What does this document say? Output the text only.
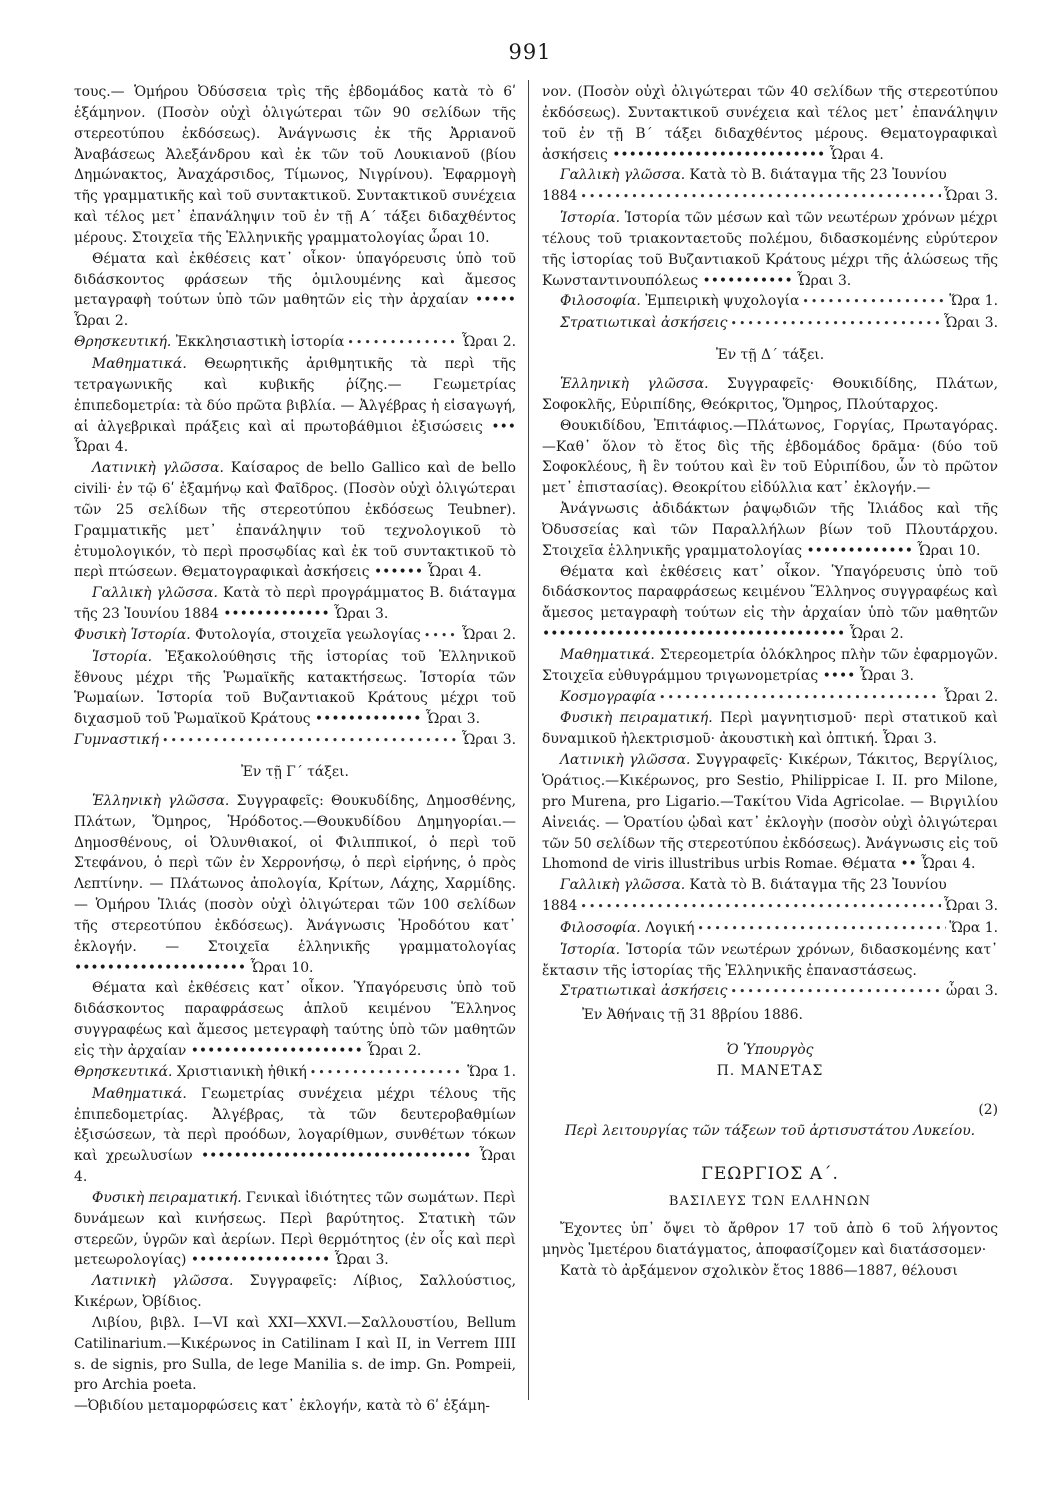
991

τους.— Ὁμήρου Ὀδύσσεια τρὶς τῆς ἑβδομάδος κατὰ τὸ 6ʹ ἑξάμηνον. (Ποσὸν οὐχὶ ὀλιγώτεραι τῶν 90 σελίδων τῆς στερεοτύπου ἐκδόσεως). Ἀνάγνωσις ἐκ τῆς Ἀρριανοῦ Ἀναβάσεως Ἀλεξάνδρου καὶ ἐκ τῶν τοῦ Λουκιανοῦ (βίου Δημώνακτος, Ἀναχάρσιδος, Τίμωνος, Νιγρίνου). Ἐφαρμογὴ τῆς γραμματικῆς καὶ τοῦ συντακτικοῦ. Συντακτικοῦ συνέχεια καὶ τέλος μετ᾽ ἐπανάληψιν τοῦ ἐν τῇ Α΄ τάξει διδαχθέντος μέρους. Στοιχεῖα τῆς Ἑλληνικῆς γραμματολογίας ὧραι 10.

Θέματα καὶ ἐκθέσεις κατ᾽ οἶκον· ὑπαγόρευσις ὑπὸ τοῦ διδάσκοντος φράσεων τῆς ὁμιλουμένης καὶ ἄμεσος μεταγραφὴ τούτων ὑπὸ τῶν μαθητῶν εἰς τὴν ἀρχαίαν ••••• Ὧραι 2.

Θρησκευτική. Ἐκκλησιαστικὴ ἱστορία •••••	Ὧραι 2.

Μαθηματικά. Θεωρητικῆς ἀριθμητικῆς τὰ περὶ τῆς τετραγωνικῆς καὶ κυβικῆς ῥίζης.— Γεωμετρίας ἐπιπεδομετρία: τὰ δύο πρῶτα βιβλία. — Ἀλγέβρας ἡ εἰσαγωγή, αἱ ἀλγεβρικαὶ πράξεις καὶ αἱ πρωτοβάθμιοι ἐξισώσεις ••• Ὧραι 4.

Λατινικὴ γλῶσσα. Καίσαρος de bello Gallico καὶ de bello civili· ἐν τῷ 6ʹ ἑξαμήνῳ καὶ Φαῖδρος. (Ποσὸν οὐχὶ ὀλιγώτεραι τῶν 25 σελίδων τῆς στερεοτύπου ἐκδόσεως Teubner). Γραμματικῆς μετ᾽ ἐπανάληψιν τοῦ τεχνολογικοῦ τὸ ἐτυμολογικόν, τὸ περὶ προσῳδίας καὶ ἐκ τοῦ συντακτικοῦ τὸ περὶ πτώσεων. Θεματογραφικαὶ ἀσκήσεις •••••• Ὧραι 4.

Γαλλικὴ γλῶσσα. Κατὰ τὸ περὶ προγράμματος Β. διάταγμα τῆς 23 Ἰουνίου 1884 ••••••••••••• Ὧραι 3.

Φυσικὴ Ἱστορία. Φυτολογία, στοιχεῖα γεωλογίας •••••	Ὧραι 2.

Ἱστορία. Ἐξακολούθησις τῆς ἱστορίας τοῦ Ἑλληνικοῦ ἔθνους μέχρι τῆς Ῥωμαϊκῆς κατακτήσεως. Ἱστορία τῶν Ῥωμαίων. Ἱστορία τοῦ Βυζαντιακοῦ Κράτους μέχρι τοῦ διχασμοῦ τοῦ Ῥωμαϊκοῦ Κράτους ••••••••••••• Ὧραι 3.

Γυμναστική •••••	Ὧραι 3.

Ἐν τῇ Γ΄ τάξει.

Ἑλληνικὴ γλῶσσα. Συγγραφεῖς: Θουκυδίδης, Δημοσθένης, Πλάτων, Ὅμηρος, Ἡρόδοτος.—Θουκυδίδου Δημηγορίαι.— Δημοσθένους, οἱ Ὀλυνθιακοί, οἱ Φιλιππικοί, ὁ περὶ τοῦ Στεφάνου, ὁ περὶ τῶν ἐν Χερρονήσῳ, ὁ περὶ εἰρήνης, ὁ πρὸς Λεπτίνην. — Πλάτωνος ἀπολογία, Κρίτων, Λάχης, Χαρμίδης. — Ὁμήρου Ἰλιάς (ποσὸν οὐχὶ ὀλιγώτεραι τῶν 100 σελίδων τῆς στερεοτύπου ἐκδόσεως). Ἀνάγνωσις Ἡροδότου κατ᾽ ἐκλογήν. — Στοιχεῖα ἑλληνικῆς γραμματολογίας ••••••••••••••••••••• Ὧραι 10.

Θέματα καὶ ἐκθέσεις κατ᾽ οἶκον. Ὑπαγόρευσις ὑπὸ τοῦ διδάσκοντος παραφράσεως ἁπλοῦ κειμένου Ἕλληνος συγγραφέως καὶ ἄμεσος μετεγραφὴ ταύτης ὑπὸ τῶν μαθητῶν εἰς τὴν ἀρχαίαν ••••••••••••••••••••• Ὧραι 2.

Θρησκευτικά. Χριστιανικὴ ἠθική •••••	Ὥρα 1.

Μαθηματικά. Γεωμετρίας συνέχεια μέχρι τέλους τῆς ἐπιπεδομετρίας. Ἀλγέβρας, τὰ τῶν δευτεροβαθμίων ἐξισώσεων, τὰ περὶ προόδων, λογαρίθμων, συνθέτων τόκων καὶ χρεωλυσίων ••••••••••••••••••••••••••••••••• Ὧραι 4.

Φυσικὴ πειραματική. Γενικαὶ ἰδιότητες τῶν σωμάτων. Περὶ δυνάμεων καὶ κινήσεως. Περὶ βαρύτητος. Στατικὴ τῶν στερεῶν, ὑγρῶν καὶ ἀερίων. Περὶ θερμότητος (ἐν οἷς καὶ περὶ μετεωρολογίας) ••••••••••••••••• Ὧραι 3.

Λατινικὴ γλῶσσα. Συγγραφεῖς: Λίβιος, Σαλλούστιος, Κικέρων, Ὀβίδιος.

Λιβίου, βιβλ. I—VI καὶ XXI—XXVI.—Σαλλουστίου, Bellum Catilinarium.—Κικέρωνος in Catilinam I καὶ II, in Verrem IIII s. de signis, pro Sulla, de lege Manilia s. de imp. Gn. Pompeii, pro Archia poeta.

—Ὀβιδίου μεταμορφώσεις κατ᾽ ἐκλογήν, κατὰ τὸ 6ʹ ἑξάμη-

νον. (Ποσὸν οὐχὶ ὀλιγώτεραι τῶν 40 σελίδων τῆς στερεοτύπου ἐκδόσεως). Συντακτικοῦ συνέχεια καὶ τέλος μετ᾽ ἐπανάληψιν τοῦ ἐν τῇ Β΄ τάξει διδαχθέντος μέρους. Θεματογραφικαὶ ἀσκήσεις •••••••••••••••••••••••••• Ὧραι 4.

Γαλλικὴ γλῶσσα. Κατὰ τὸ Β. διάταγμα τῆς 23 Ἰουνίου

1884 •••••	Ὧραι 3.

Ἱστορία. Ἱστορία τῶν μέσων καὶ τῶν νεωτέρων χρόνων μέχρι τέλους τοῦ τριακονταετοῦς πολέμου, διδασκομένης εὐρύτερον τῆς ἱστορίας τοῦ Βυζαντιακοῦ Κράτους μέχρι τῆς ἁλώσεως τῆς Κωνσταντινουπόλεως ••••••••••• Ὧραι 3.

Φιλοσοφία. Ἐμπειρικὴ ψυχολογία •••••	Ὥρα 1.
Στρατιωτικαὶ ἀσκήσεις •••••	Ὧραι 3.

Ἐν τῇ Δ΄ τάξει.

Ἑλληνικὴ γλῶσσα. Συγγραφεῖς· Θουκιδίδης, Πλάτων, Σοφοκλῆς, Εὐριπίδης, Θεόκριτος, Ὅμηρος, Πλούταρχος.

Θουκιδίδου, Ἐπιτάφιος.—Πλάτωνος, Γοργίας, Πρωταγόρας.—Καθ᾽ ὅλον τὸ ἔτος δὶς τῆς ἑβδομάδος δρᾶμα· (δύο τοῦ Σοφοκλέους, ἢ ἓν τούτου καὶ ἓν τοῦ Εὐριπίδου, ὧν τὸ πρῶτον μετ᾽ ἐπιστασίας). Θεοκρίτου εἰδύλλια κατ᾽ ἐκλογήν.—

Ἀνάγνωσις ἀδιδάκτων ῥαψῳδιῶν τῆς Ἰλιάδος καὶ τῆς Ὀδυσσείας καὶ τῶν Παραλλήλων βίων τοῦ Πλουτάρχου. Στοιχεῖα ἑλληνικῆς γραμματολογίας ••••••••••••• Ὧραι 10.

Θέματα καὶ ἐκθέσεις κατ᾽ οἶκον. Ὑπαγόρευσις ὑπὸ τοῦ διδάσκοντος παραφράσεως κειμένου Ἕλληνος συγγραφέως καὶ ἄμεσος μεταγραφὴ τούτων εἰς τὴν ἀρχαίαν ὑπὸ τῶν μαθητῶν ••••••••••••••••••••••••••••••••••••• Ὧραι 2.

Μαθηματικά. Στερεομετρία ὁλόκληρος πλὴν τῶν ἐφαρμογῶν. Στοιχεῖα εὐθυγράμμου τριγωνομετρίας •••• Ὧραι 3.

Κοσμογραφία •••••	Ὧραι 2.

Φυσικὴ πειραματική. Περὶ μαγνητισμοῦ· περὶ στατικοῦ καὶ δυναμικοῦ ἠλεκτρισμοῦ· ἀκουστικὴ καὶ ὀπτική. Ὧραι 3.

Λατινικὴ γλῶσσα. Συγγραφεῖς· Κικέρων, Τάκιτος, Βεργίλιος, Ὁράτιος.—Κικέρωνος, pro Sestio, Philippicae I. II. pro Milone, pro Murena, pro Ligario.—Τακίτου Vida Agricolae. — Βιργιλίου Αἰνειάς. — Ὁρατίου ᾠδαὶ κατ᾽ ἐκλογὴν (ποσὸν οὐχὶ ὀλιγώτεραι τῶν 50 σελίδων τῆς στερεοτύπου ἐκδόσεως). Ἀνάγνωσις εἰς τοῦ Lhomond de viris illustribus urbis Romae. Θέματα •• Ὧραι 4.

Γαλλικὴ γλῶσσα. Κατὰ τὸ Β. διάταγμα τῆς 23 Ἰουνίου

1884 •••••	Ὧραι 3.
Φιλοσοφία. Λογική •••••	Ὥρα 1.

Ἱστορία. Ἱστορία τῶν νεωτέρων χρόνων, διδασκομένης κατ᾽ ἔκτασιν τῆς ἱστορίας τῆς Ἑλληνικῆς ἐπαναστάσεως.

Στρατιωτικαὶ ἀσκήσεις •••••	ὧραι 3.

Ἐν Ἀθήναις τῇ 31 8βρίου 1886.

Ὁ Ὑπουργὸς

Π. ΜΑΝΕΤΑΣ

(2)

Περὶ λειτουργίας τῶν τάξεων τοῦ ἀρτισυστάτου Λυκείου.

ΓΕΩΡΓΙΟΣ Α΄.

ΒΑΣΙΛΕΥΣ ΤΩΝ ΕΛΛΗΝΩΝ

Ἔχοντες ὑπ᾽ ὄψει τὸ ἄρθρον 17 τοῦ ἀπὸ 6 τοῦ λήγοντος μηνὸς Ἰμετέρου διατάγματος, ἀποφασίζομεν καὶ διατάσσομεν·

Κατὰ τὸ ἀρξάμενον σχολικὸν ἔτος 1886—1887, θέλουσι
